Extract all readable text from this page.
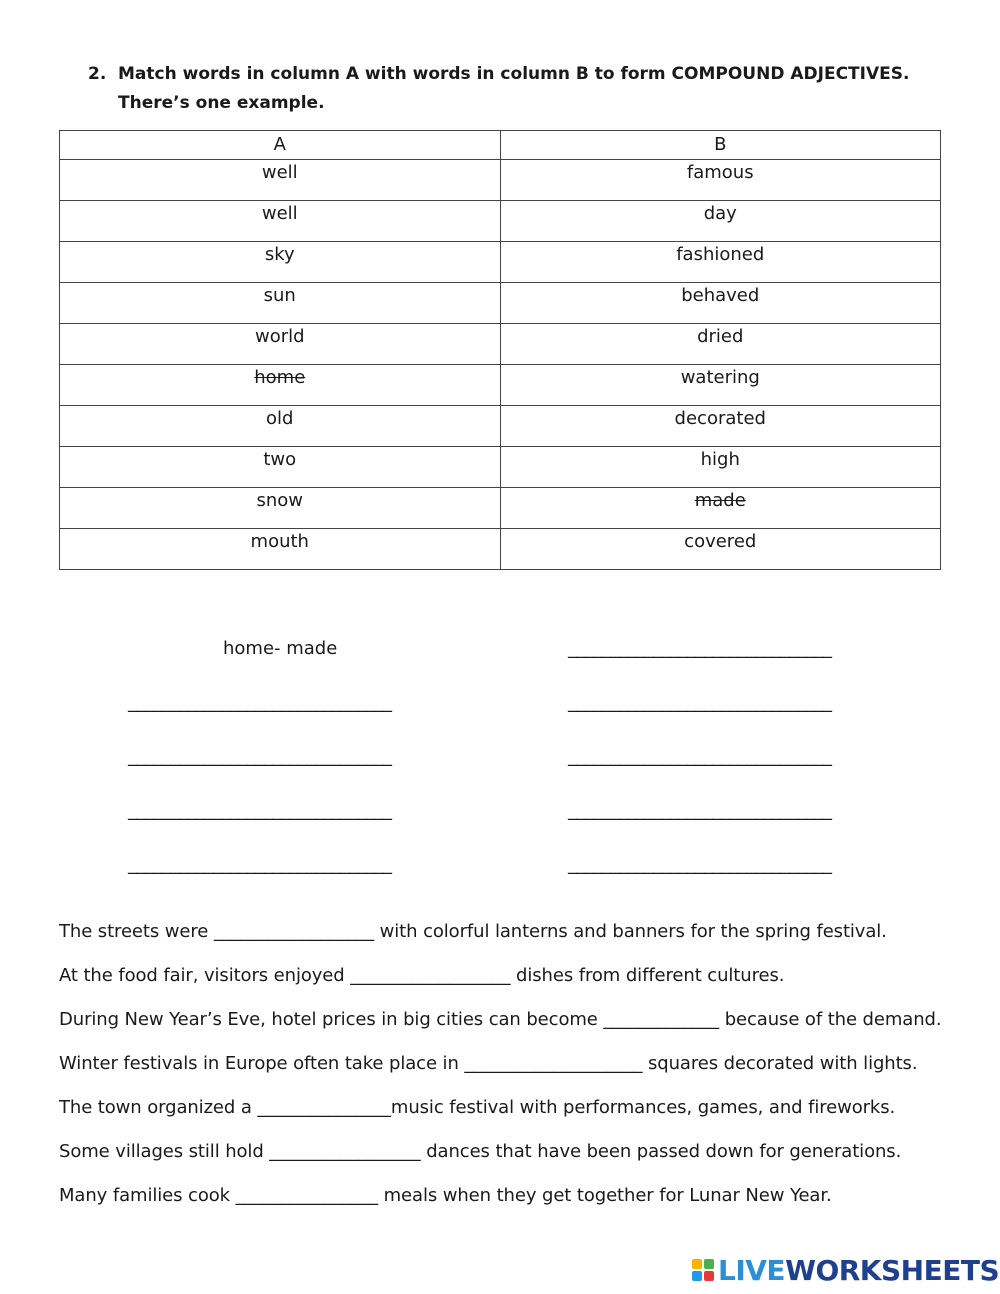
2. Match words in column A with words in column B to form COMPOUND ADJECTIVES.
There’s one example.
A	B
well	famous
well	day
sky	fashioned
sun	behaved
world	dried
home	watering
old	decorated
two	high
snow	made
mouth	covered
home- made	_______________________________
_______________________________	_______________________________
_______________________________	_______________________________
_______________________________	_______________________________
_______________________________	_______________________________
The streets were __________________ with colorful lanterns and banners for the spring festival.
At the food fair, visitors enjoyed __________________ dishes from different cultures.
During New Year’s Eve, hotel prices in big cities can become _____________ because of the demand.
Winter festivals in Europe often take place in ____________________ squares decorated with lights.
The town organized a _______________music festival with performances, games, and fireworks.
Some villages still hold _________________ dances that have been passed down for generations.
Many families cook ________________ meals when they get together for Lunar New Year.
LIVE WORKSHEETS
